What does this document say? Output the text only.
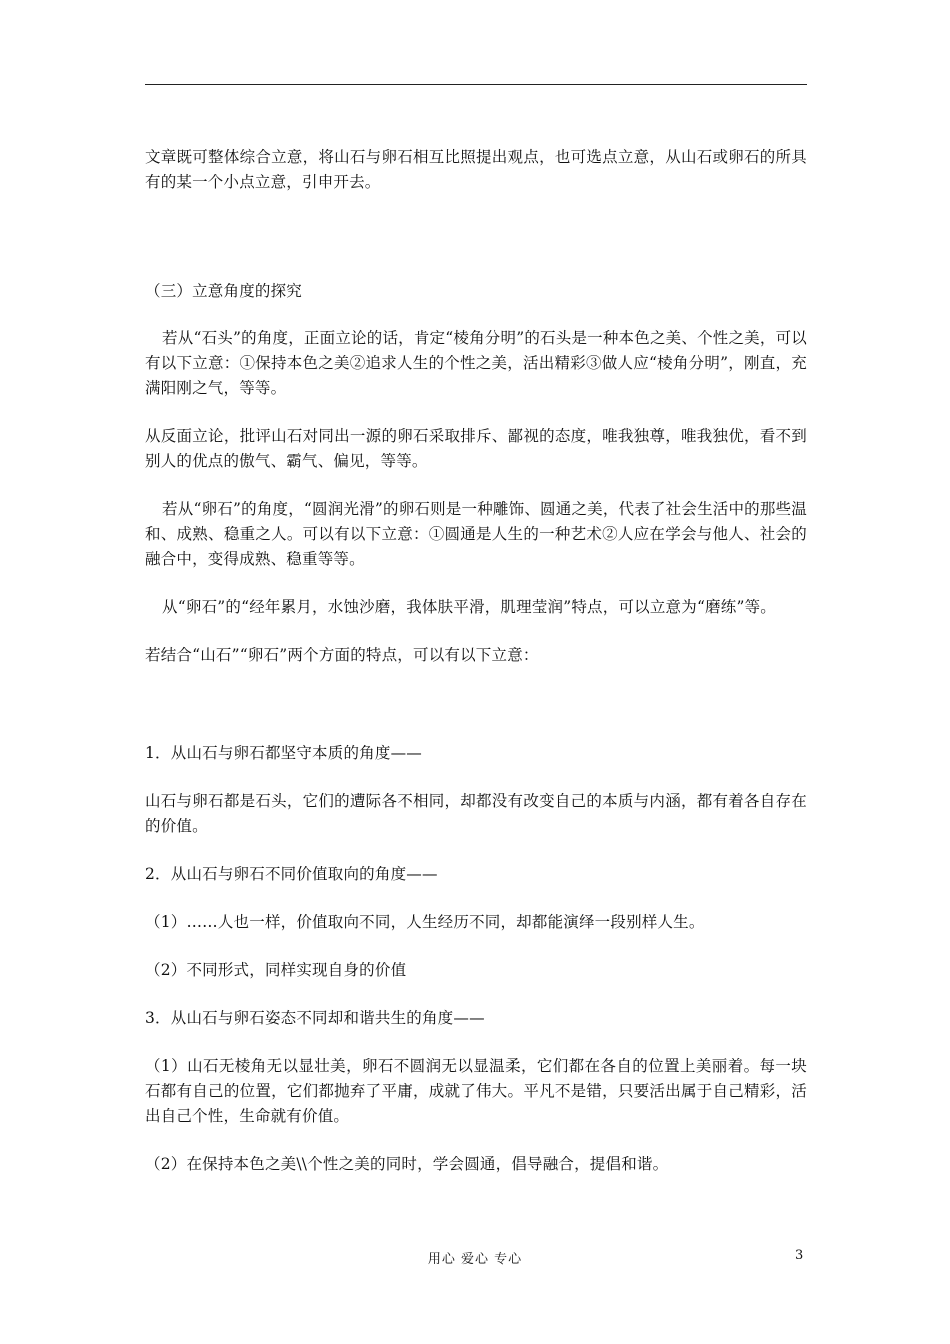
文章既可整体综合立意，将山石与卵石相互比照提出观点，也可选点立意，从山石或卵石的所具有的某一个小点立意，引申开去。

（三）立意角度的探究

若从“石头”的角度，正面立论的话，肯定“棱角分明”的石头是一种本色之美、个性之美，可以有以下立意：①保持本色之美②追求人生的个性之美，活出精彩③做人应“棱角分明”，刚直，充满阳刚之气，等等。

从反面立论，批评山石对同出一源的卵石采取排斥、鄙视的态度，唯我独尊，唯我独优，看不到别人的优点的傲气、霸气、偏见，等等。

若从“卵石”的角度，“圆润光滑”的卵石则是一种雕饰、圆通之美，代表了社会生活中的那些温和、成熟、稳重之人。可以有以下立意：①圆通是人生的一种艺术②人应在学会与他人、社会的融合中，变得成熟、稳重等等。

从“卵石”的“经年累月，水蚀沙磨，我体肤平滑，肌理莹润”特点，可以立意为“磨练”等。

若结合“山石”“卵石”两个方面的特点，可以有以下立意：

1．从山石与卵石都坚守本质的角度——

山石与卵石都是石头，它们的遭际各不相同，却都没有改变自己的本质与内涵，都有着各自存在的价值。

2．从山石与卵石不同价值取向的角度——

（1）……人也一样，价值取向不同，人生经历不同，却都能演绎一段别样人生。

（2）不同形式，同样实现自身的价值

3．从山石与卵石姿态不同却和谐共生的角度——

（1）山石无棱角无以显壮美，卵石不圆润无以显温柔，它们都在各自的位置上美丽着。每一块石都有自己的位置，它们都抛弃了平庸，成就了伟大。平凡不是错，只要活出属于自己精彩，活出自己个性，生命就有价值。

（2）在保持本色之美\\个性之美的同时，学会圆通，倡导融合，提倡和谐。

用心 爱心 专心	3
